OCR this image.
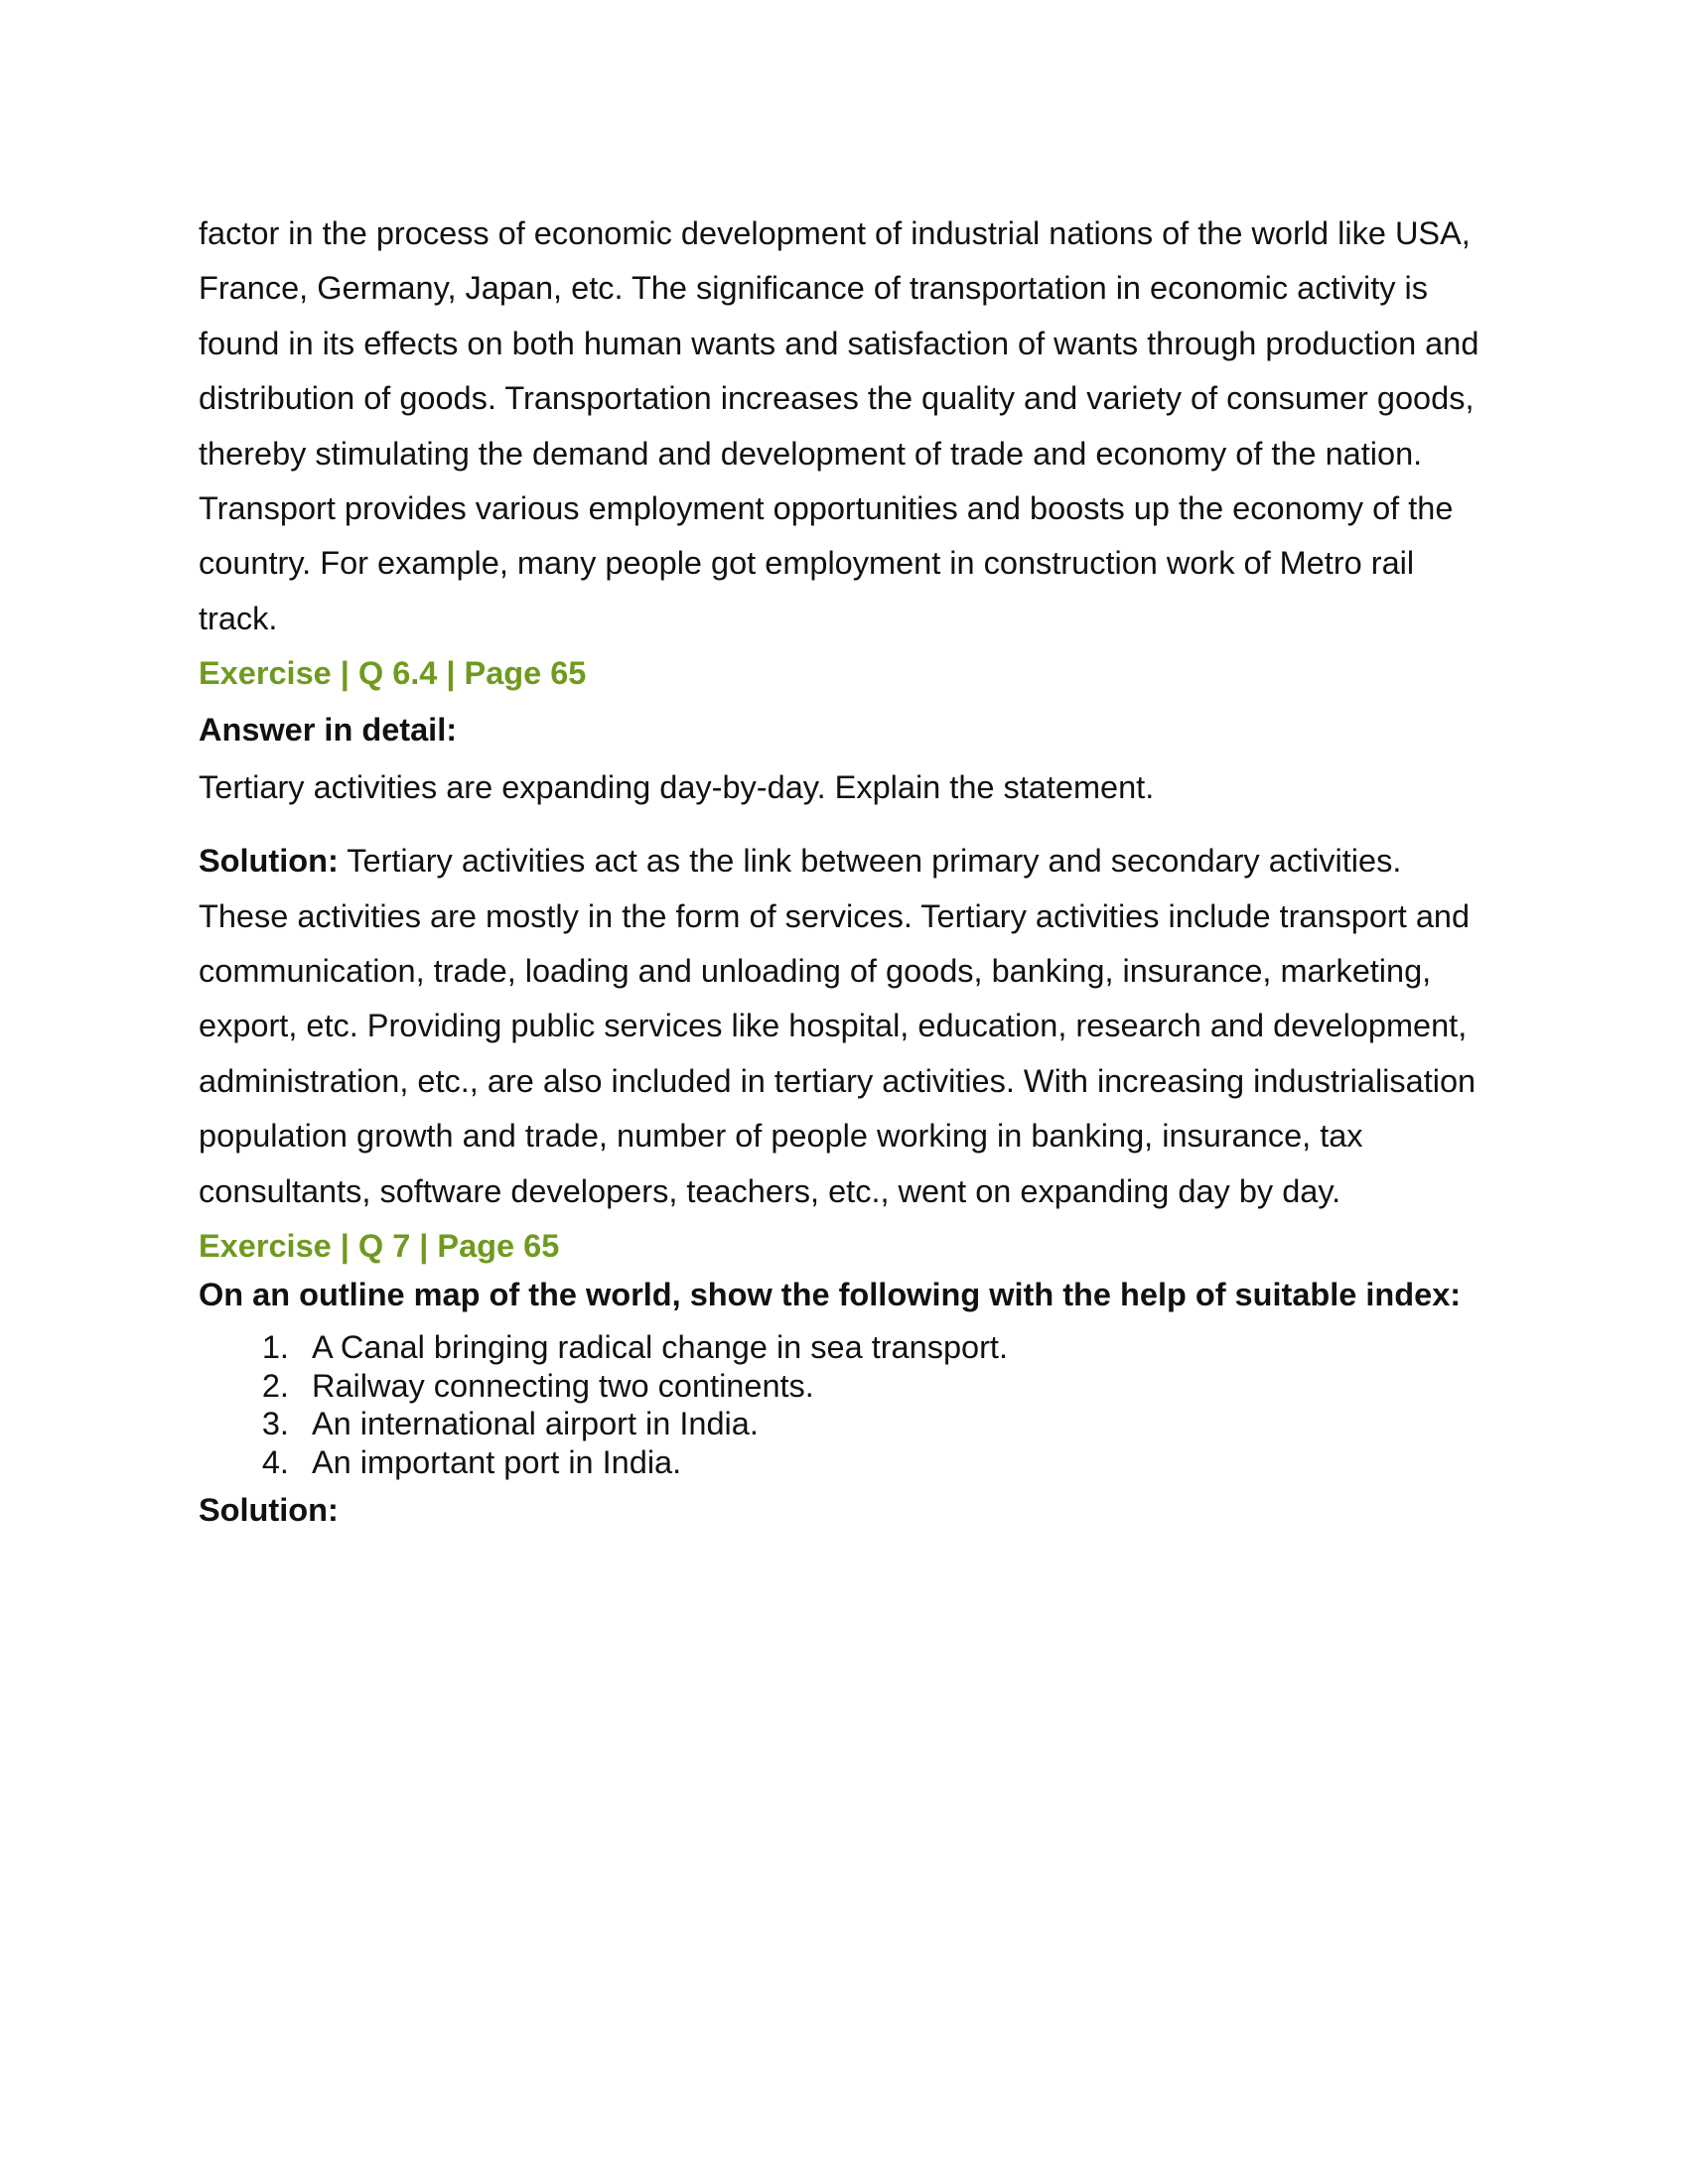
factor in the process of economic development of industrial nations of the world like USA, France, Germany, Japan, etc. The significance of transportation in economic activity is found in its effects on both human wants and satisfaction of wants through production and distribution of goods. Transportation increases the quality and variety of consumer goods, thereby stimulating the demand and development of trade and economy of the nation. Transport provides various employment opportunities and boosts up the economy of the country. For example, many people got employment in construction work of Metro rail track.

Exercise | Q 6.4 | Page 65

Answer in detail:

Tertiary activities are expanding day-by-day. Explain the statement.

Solution: Tertiary activities act as the link between primary and secondary activities. These activities are mostly in the form of services. Tertiary activities include transport and communication, trade, loading and unloading of goods, banking, insurance, marketing, export, etc. Providing public services like hospital, education, research and development, administration, etc., are also included in tertiary activities. With increasing industrialisation population growth and trade, number of people working in banking, insurance, tax consultants, software developers, teachers, etc., went on expanding day by day.

Exercise | Q 7 | Page 65

On an outline map of the world, show the following with the help of suitable index:

1. A Canal bringing radical change in sea transport.
2. Railway connecting two continents.
3. An international airport in India.
4. An important port in India.

Solution:
